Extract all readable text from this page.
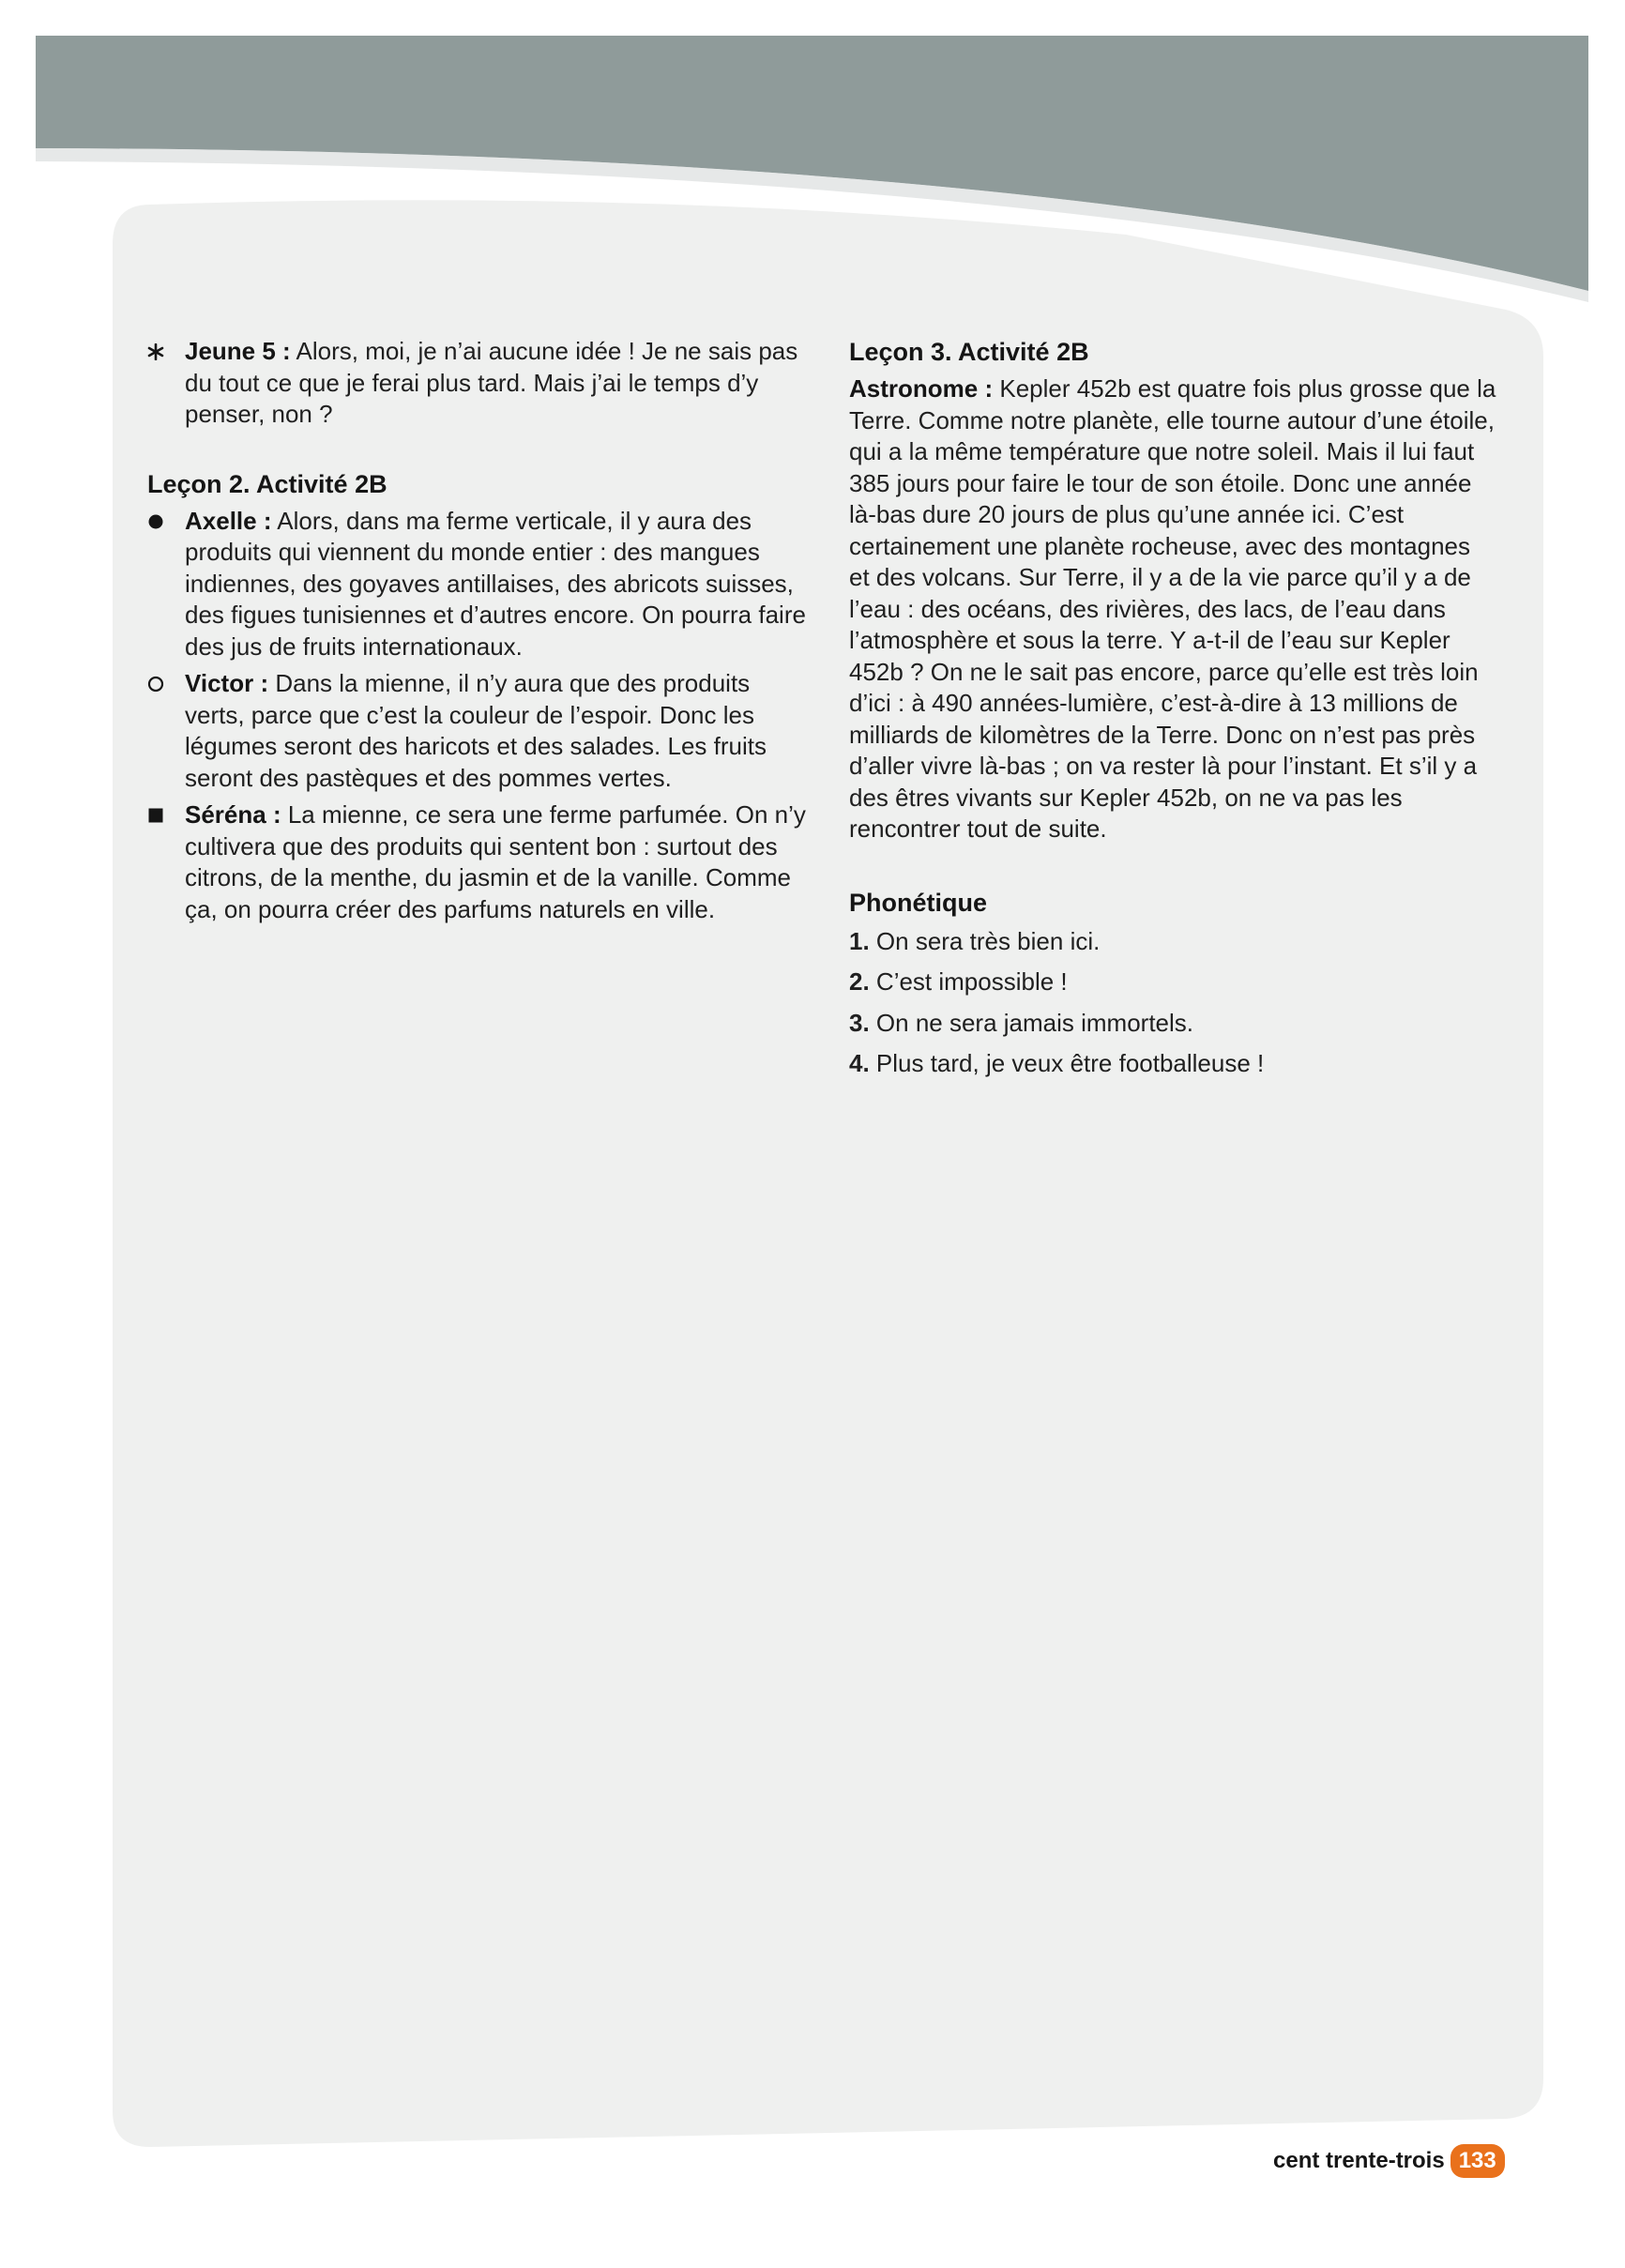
Jeune 5 : Alors, moi, je n’ai aucune idée ! Je ne sais pas du tout ce que je ferai plus tard. Mais j’ai le temps d’y penser, non ?

Leçon 2. Activité 2B

Axelle : Alors, dans ma ferme verticale, il y aura des produits qui viennent du monde entier : des mangues indiennes, des goyaves antillaises, des abricots suisses, des figues tunisiennes et d’autres encore. On pourra faire des jus de fruits internationaux.

Victor : Dans la mienne, il n’y aura que des produits verts, parce que c’est la couleur de l’espoir. Donc les légumes seront des haricots et des salades. Les fruits seront des pastèques et des pommes vertes.

Séréna : La mienne, ce sera une ferme parfumée. On n’y cultivera que des produits qui sentent bon : surtout des citrons, de la menthe, du jasmin et de la vanille. Comme ça, on pourra créer des parfums naturels en ville.

Leçon 3. Activité 2B

Astronome : Kepler 452b est quatre fois plus grosse que la Terre. Comme notre planète, elle tourne autour d’une étoile, qui a la même température que notre soleil. Mais il lui faut 385 jours pour faire le tour de son étoile. Donc une année là-bas dure 20 jours de plus qu’une année ici. C’est certainement une planète rocheuse, avec des montagnes et des volcans. Sur Terre, il y a de la vie parce qu’il y a de l’eau : des océans, des rivières, des lacs, de l’eau dans l’atmosphère et sous la terre. Y a-t-il de l’eau sur Kepler 452b ? On ne le sait pas encore, parce qu’elle est très loin d’ici : à 490 années-lumière, c’est-à-dire à 13 millions de milliards de kilomètres de la Terre. Donc on n’est pas près d’aller vivre là-bas ; on va rester là pour l’instant. Et s’il y a des êtres vivants sur Kepler 452b, on ne va pas les rencontrer tout de suite.

Phonétique
1. On sera très bien ici.
2. C’est impossible !
3. On ne sera jamais immortels.
4. Plus tard, je veux être footballeuse !
cent trente-trois 133
